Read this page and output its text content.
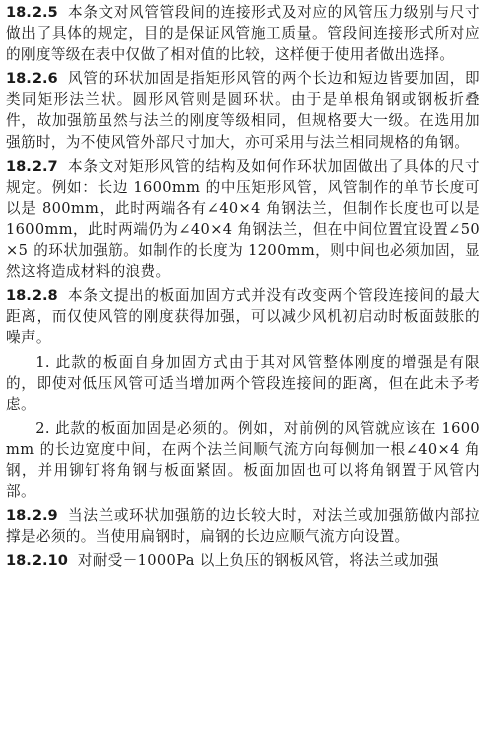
18.2.5 本条文对风管管段间的连接形式及对应的风管压力级别与尺寸做出了具体的规定，目的是保证风管施工质量。管段间连接形式所对应的刚度等级在表中仅做了相对值的比较，这样便于使用者做出选择。

18.2.6 风管的环状加固是指矩形风管的两个长边和短边皆要加固，即类同矩形法兰状。圆形风管则是圆环状。由于是单根角钢或钢板折叠件，故加强筋虽然与法兰的刚度等级相同，但规格要大一级。在选用加强筋时，为不使风管外部尺寸加大，亦可采用与法兰相同规格的角钢。

18.2.7 本条文对矩形风管的结构及如何作环状加固做出了具体的尺寸规定。例如：长边 1600mm 的中压矩形风管，风管制作的单节长度可以是 800mm，此时两端各有∠40×4 角钢法兰，但制作长度也可以是 1600mm，此时两端仍为∠40×4 角钢法兰，但在中间位置宜设置∠50×5 的环状加强筋。如制作的长度为 1200mm，则中间也必须加固，显然这将造成材料的浪费。

18.2.8 本条文提出的板面加固方式并没有改变两个管段连接间的最大距离，而仅使风管的刚度获得加强，可以减少风机初启动时板面鼓胀的噪声。

1. 此款的板面自身加固方式由于其对风管整体刚度的增强是有限的，即使对低压风管可适当增加两个管段连接间的距离，但在此未予考虑。

2. 此款的板面加固是必须的。例如，对前例的风管就应该在 1600mm 的长边宽度中间，在两个法兰间顺气流方向每侧加一根∠40×4 角钢，并用铆钉将角钢与板面紧固。板面加固也可以将角钢置于风管内部。

18.2.9 当法兰或环状加强筋的边长较大时，对法兰或加强筋做内部拉撑是必须的。当使用扁钢时，扁钢的长边应顺气流方向设置。

18.2.10 对耐受－1000Pa 以上负压的钢板风管，将法兰或加强
